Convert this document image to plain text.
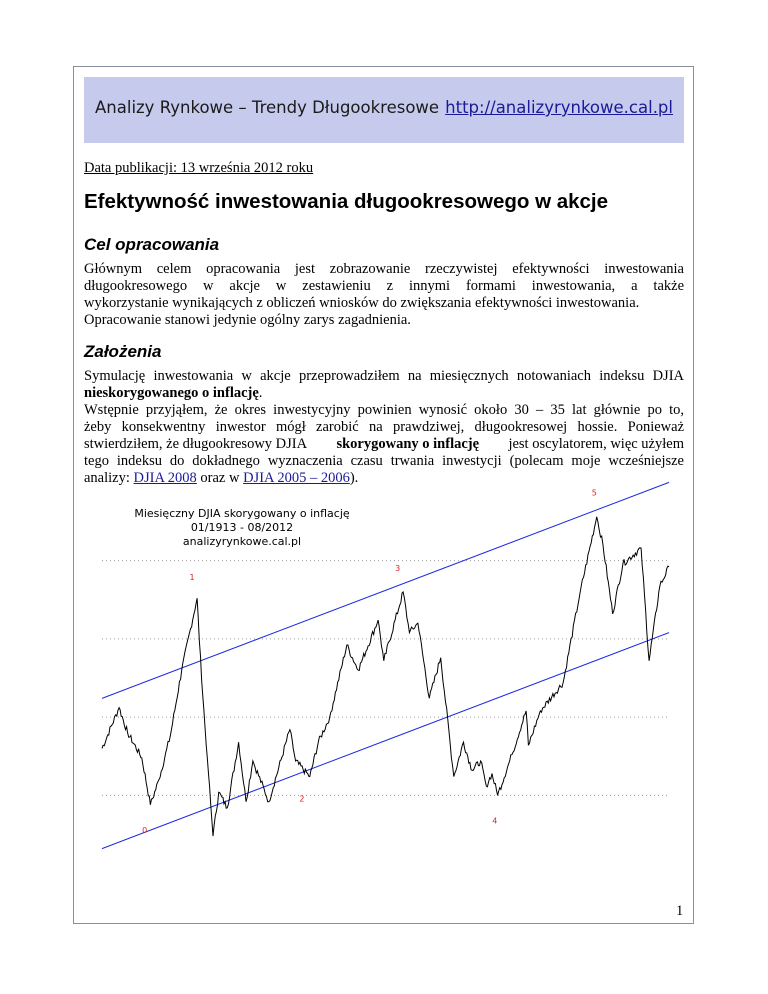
Analizy Rynkowe – Trendy Długookresowe http://analizyrynkowe.cal.pl
Data publikacji: 13 września 2012 roku
Efektywność inwestowania długookresowego w akcje
Cel opracowania
Głównym celem opracowania jest zobrazowanie rzeczywistej efektywności inwestowania
długookresowego w akcje w zestawieniu z innymi formami inwestowania, a także
wykorzystanie wynikających z obliczeń wniosków do zwiększania efektywności inwestowania.
Opracowanie stanowi jedynie ogólny zarys zagadnienia.
Założenia
Symulację inwestowania w akcje przeprowadziłem na miesięcznych notowaniach indeksu DJIA
nieskorygowanego o inflację.
Wstępnie przyjąłem, że okres inwestycyjny powinien wynosić około 30 – 35 lat głównie po to,
żeby konsekwentny inwestor mógł zarobić na prawdziwej, długookresowej hossie. Ponieważ
stwierdziłem, że długookresowy DJIA skorygowany o inflację jest oscylatorem, więc użyłem
tego indeksu do dokładnego wyznaczenia czasu trwania inwestycji (polecam moje wcześniejsze
analizy: DJIA 2008 oraz w DJIA 2005 – 2006).
0
1
2
3
4
5
Miesięczny DJIA skorygowany o inflację
01/1913 - 08/2012
analizyrynkowe.cal.pl
1
